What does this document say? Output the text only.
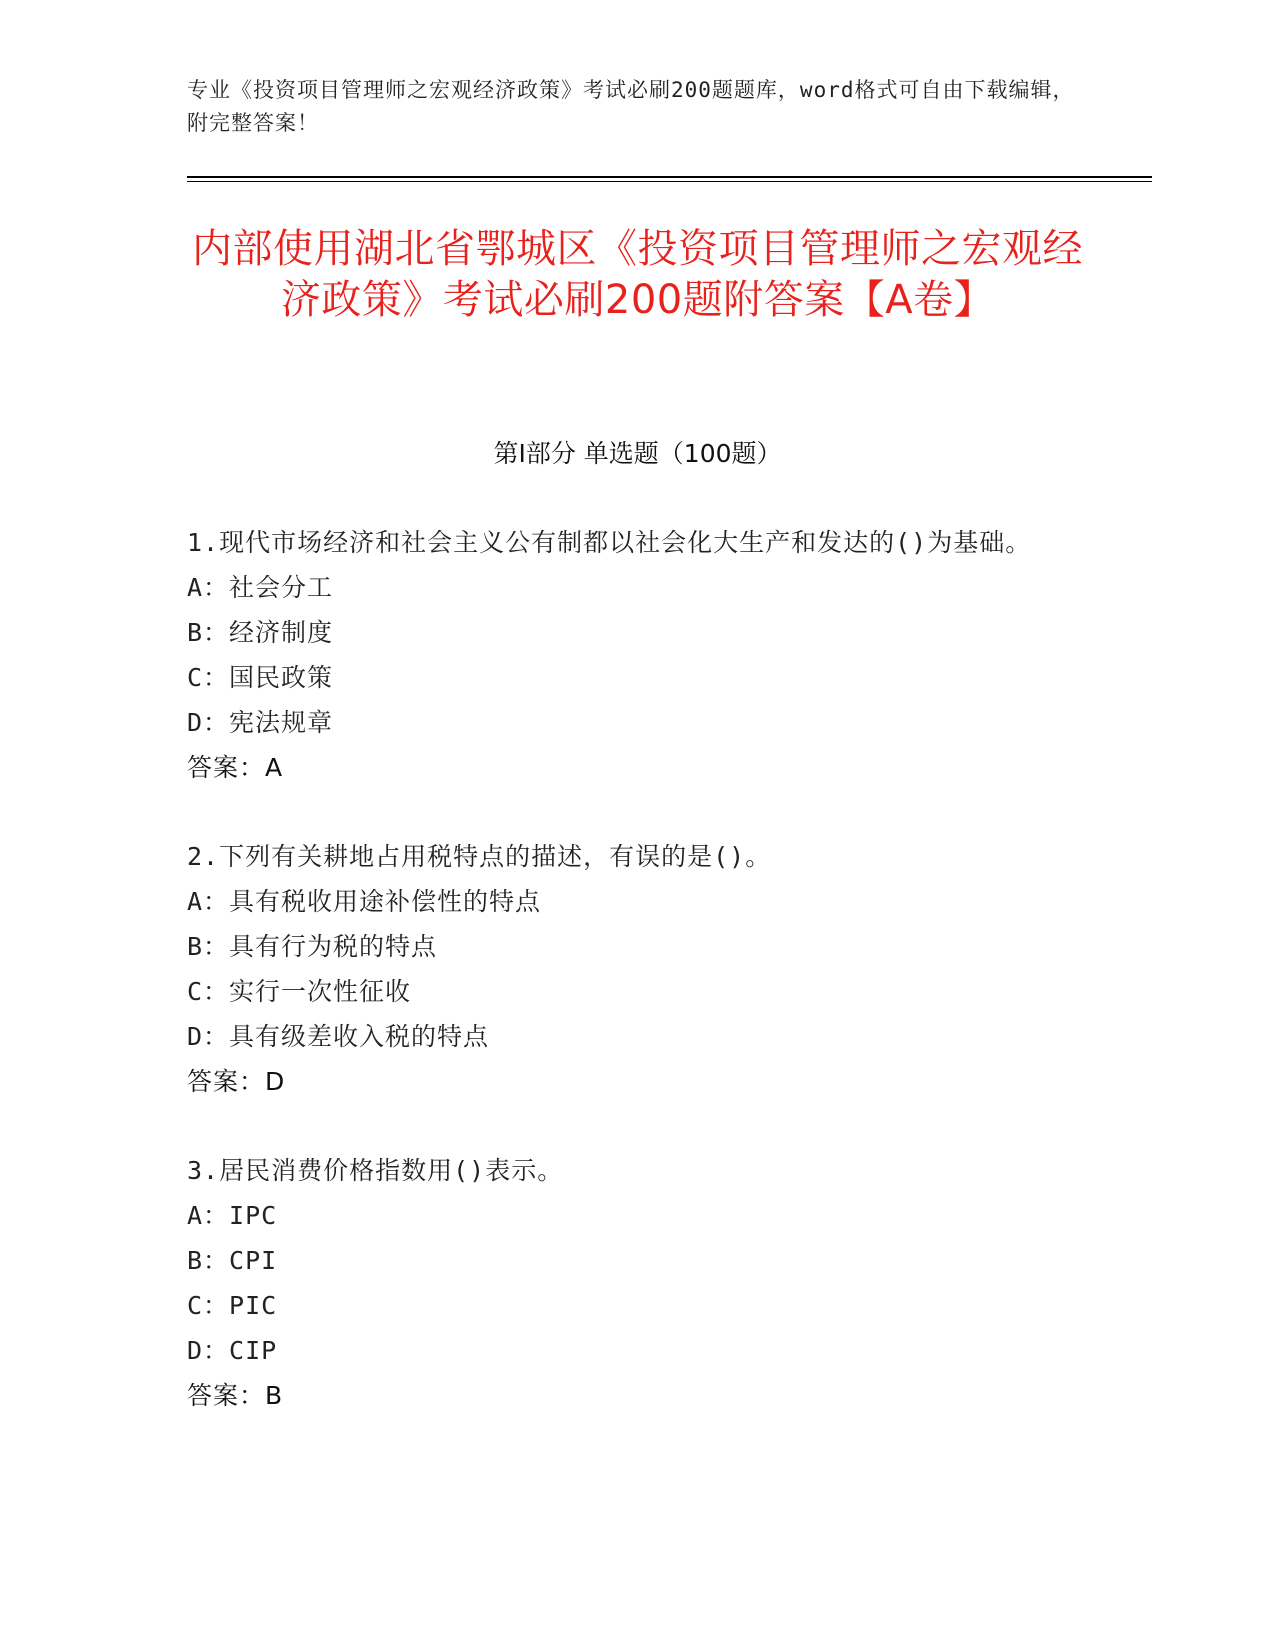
专业《投资项目管理师之宏观经济政策》考试必刷200题题库，word格式可自由下载编辑，附完整答案！
内部使用湖北省鄂城区《投资项目管理师之宏观经济政策》考试必刷200题附答案【A卷】
第Ⅰ部分 单选题（100题）
1.现代市场经济和社会主义公有制都以社会化大生产和发达的()为基础。
A：社会分工
B：经济制度
C：国民政策
D：宪法规章
答案：A
2.下列有关耕地占用税特点的描述，有误的是()。
A：具有税收用途补偿性的特点
B：具有行为税的特点
C：实行一次性征收
D：具有级差收入税的特点
答案：D
3.居民消费价格指数用()表示。
A：IPC
B：CPI
C：PIC
D：CIP
答案：B
